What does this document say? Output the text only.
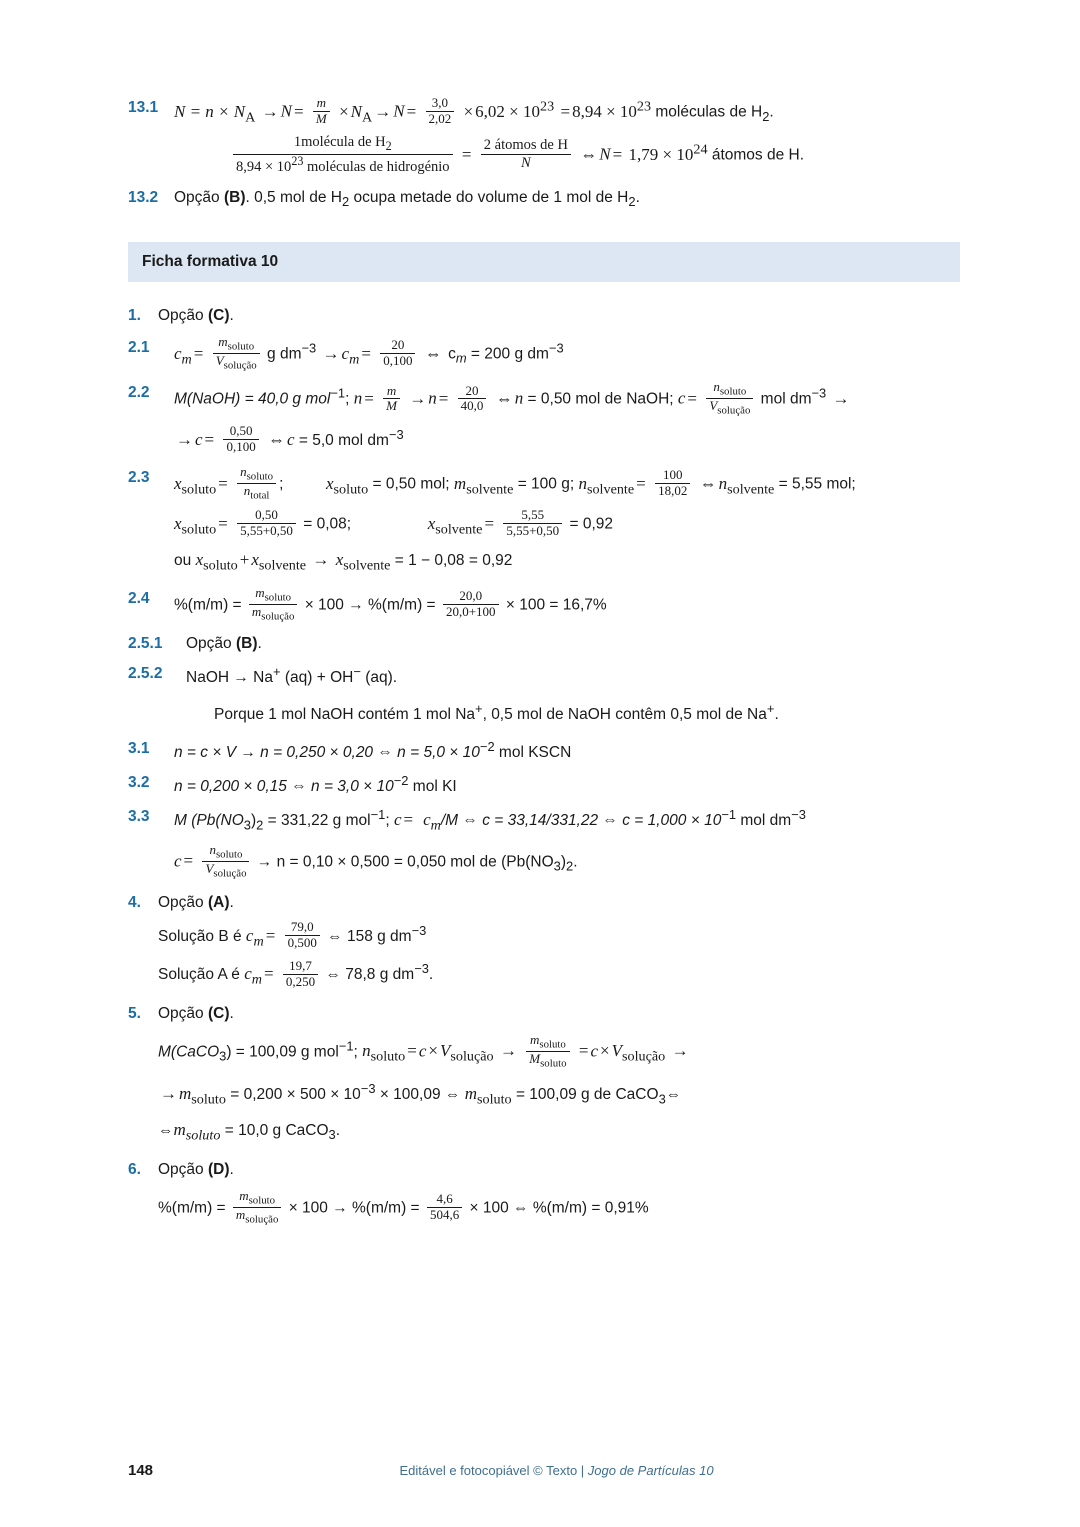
13.1 $N = n \times N_A \to N = \frac{m}{M} \times N_A \to N = \frac{3,0}{2,02} \times 6,02 \times 10^{23} = 8,94 \times 10^{23}$ moléculas de $H_2$.

$\frac{1molécula de H_2}{8,94 \times 10^{23} moléculas de hidrogénio} = \frac{\text{2 átomos de H}}{N}$ ⇔ $N = 1,79 \times 10^{24}$ átomos de H.
13.2	Opção (B). 0,5 mol de $H_2$ ocupa metade do volume de 1 mol de $H_2$.
Ficha formativa 10
1.	Opção (C).
2.1	$c_m = \frac{m_{soluto}}{V_{solução}}$ g $dm^{-3} \to c_m = \frac{20}{0,100}$ ⇔ $c_m = 200$ g $dm^{-3}$
2.2	M(NaOH) = 40,0 g mol$^{-1}$; $n = \frac{m}{M} \to n = \frac{20}{40,0}$ ⇔ n = 0,50 mol de NaOH; $c = \frac{n_{soluto}}{V_{solução}}$ mol $dm^{-3}$ →
→ $c = \frac{0,50}{0,100}$ ⇔ c = 5,0 mol $dm^{-3}$
2.3	$x_{soluto} = \frac{n_{soluto}}{n_{total}}$ ;  $x_{soluto} = 0,50$ mol; $m_{solvente} = 100$ g; $n_{solvente} = \frac{100}{18,02}$ ⇔ $n_{solvente} = 5,55$ mol;
$x_{soluto} = \frac{0,50}{5,55+0,50} = 0,08$;	$x_{solvente} = \frac{5,55}{5,55+0,50} = 0,92$
ou $x_{soluto} + x_{solvente} \to x_{solvente} = 1 - 0,08 = 0,92$
2.4	$\%(m/m) = \frac{m_{soluto}}{m_{solução}} \times 100 \to \%(m/m) = \frac{20,0}{20,0+100} \times 100 = 16,7\%$
2.5.1	Opção (B).
2.5.2	NaOH → Na+ (aq) + OH− (aq).

Porque 1 mol NaOH contém 1 mol Na+, 0,5 mol de NaOH contêm 0,5 mol de Na+.
3.1	n = c × V → n = 0,250 × 0,20 ⇔ $n = 5,0 \times 10^{-2}$ mol KSCN
3.2	n = 0,200 × 0,15 ⇔ $n = 3,0 \times 10^{-2}$ mol KI
3.3	M ($Pb(NO_3)_2 = 331,22$ g mol$^{-1}$; $c = c_m/M$ ⇔ c = 33,14/331,22 ⇔ $c = 1,000 \times 10^{-1}$ mol $dm^{-3}$
$c = \frac{n_{soluto}}{V_{solução}} \to n = 0,10 \times 0,500 = 0,050$ mol de ($Pb(NO_3)_2$.
4.	Opção (A).
Solução B é $c_m = \frac{79,0}{0,500}$ ⇔ 158 g $dm^{-3}$
Solução A é $c_m = \frac{19,7}{0,250}$ ⇔ 78,8 g $dm^{-3}$.
5.	Opção (C).
M(CaCO$_3$) = 100,09 g mol$^{-1}$; $n_{soluto} = c \times V_{solução} \to \frac{m_{soluto}}{M_{soluto}} = c \times V_{solução}$ →
→ $m_{soluto} = 0,200 \times 500 \times 10^{-3} \times 100,09$ ⇔ $m_{soluto} = 100,09$ g de CaCO$_3$⇔
$\Leftrightarrow m_{soluto} = 10,0$ g CaCO$_3$.
6.	Opção (D).
$\%(m/m) = \frac{m_{soluto}}{m_{solução}} \times 100 \to \%(m/m) = \frac{4,6}{504,6} \times 100$ ⇔ %(m/m) = 0,91%
148	Editável e fotocopiável © Texto | Jogo de Partículas 10
